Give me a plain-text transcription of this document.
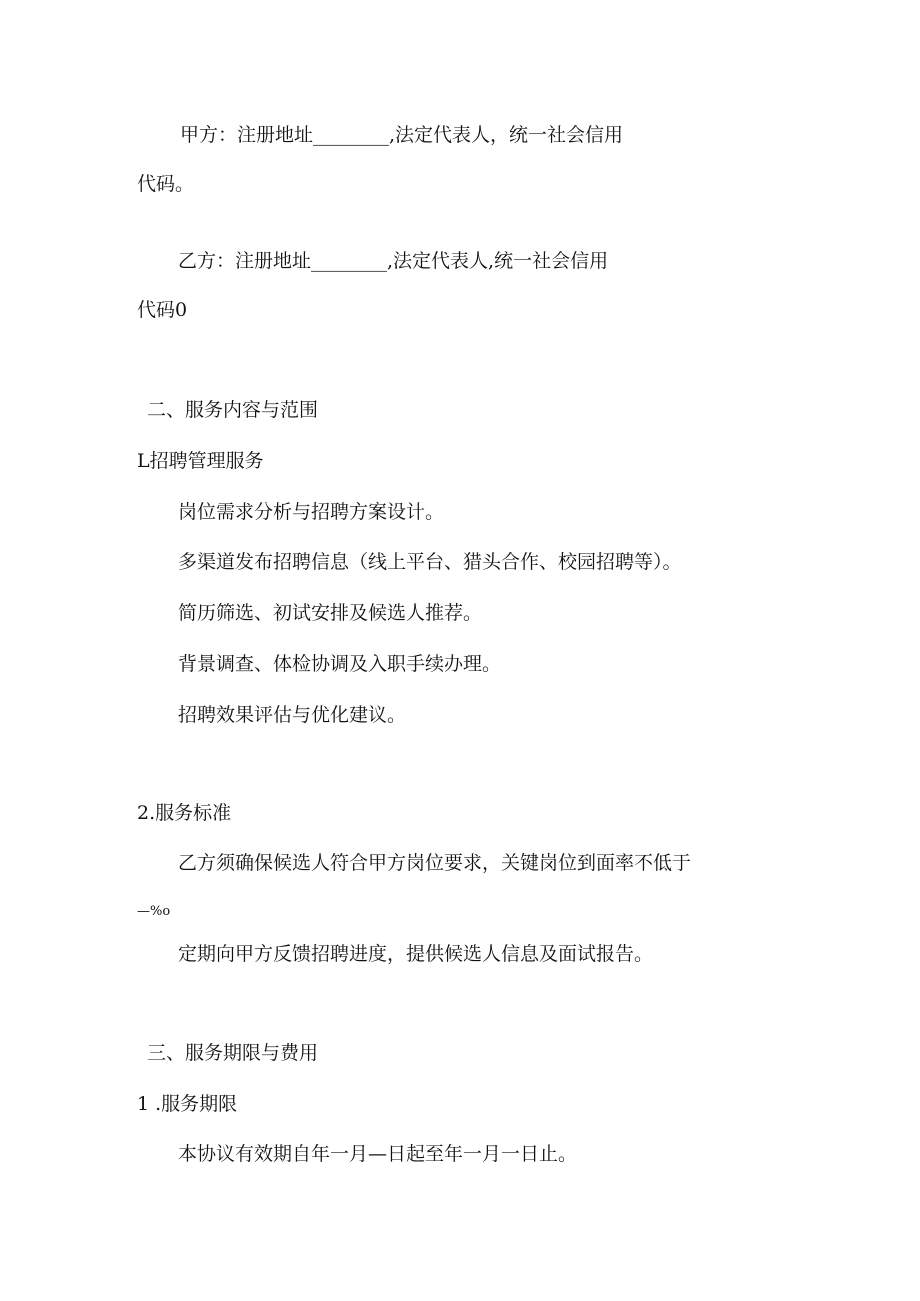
甲方：注册地址________,法定代表人，统一社会信用

代码。

乙方：注册地址________,法定代表人,统一社会信用

代码0

二、服务内容与范围

L招聘管理服务

岗位需求分析与招聘方案设计。

多渠道发布招聘信息（线上平台、猎头合作、校园招聘等）。

简历筛选、初试安排及候选人推荐。

背景调查、体检协调及入职手续办理。

招聘效果评估与优化建议。

2.服务标准

乙方须确保候选人符合甲方岗位要求，关键岗位到面率不低于

—%o

定期向甲方反馈招聘进度，提供候选人信息及面试报告。

三、服务期限与费用

1 .服务期限

本协议有效期自年一月—日起至年一月一日止。
